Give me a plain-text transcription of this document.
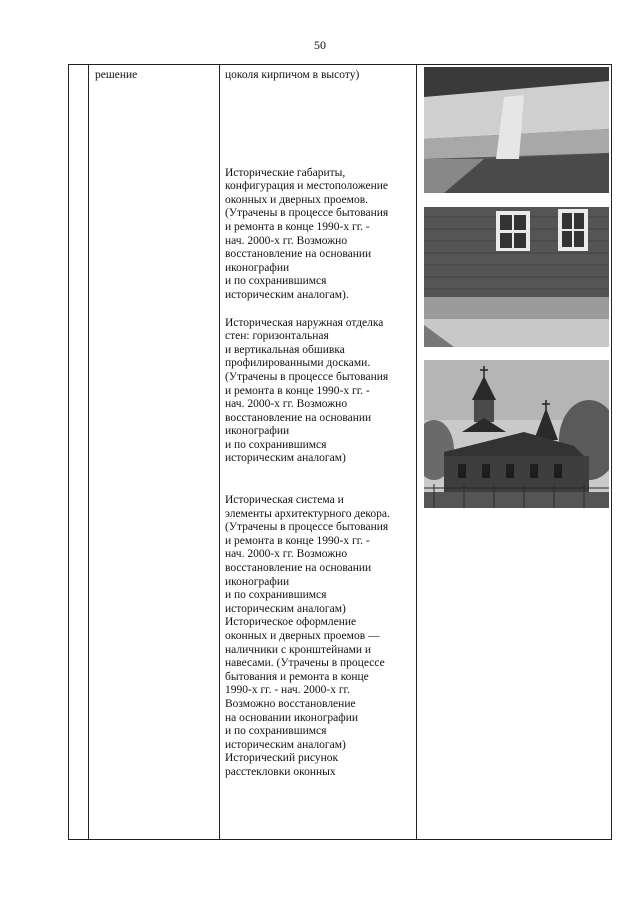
50
решение	цоколя кирпичом в высоту)

Исторические габариты,
конфигурация и местоположение
оконных и дверных проемов.
(Утрачены в процессе бытования
и ремонта в конце 1990-х гг. -
нач. 2000-х гг. Возможно
восстановление на основании
иконографии
и по сохранившимся
историческим аналогам).

Историческая наружная отделка
стен: горизонтальная
и вертикальная обшивка
профилированными досками.
(Утрачены в процессе бытования
и ремонта в конце 1990-х гг. -
нач. 2000-х гг. Возможно
восстановление на основании
иконографии
и по сохранившимся
историческим аналогам)

Историческая система и
элементы архитектурного декора.
(Утрачены в процессе бытования
и ремонта в конце 1990-х гг. -
нач. 2000-х гг. Возможно
восстановление на основании
иконографии
и по сохранившимся
историческим аналогам)
Историческое оформление
оконных и дверных проемов —
наличники с кронштейнами и
навесами. (Утрачены в процессе
бытования и ремонта в конце
1990-х гг. - нач. 2000-х гг.
Возможно восстановление
на основании иконографии
и по сохранившимся
историческим аналогам)
Исторический рисунок
расстекловки оконных
